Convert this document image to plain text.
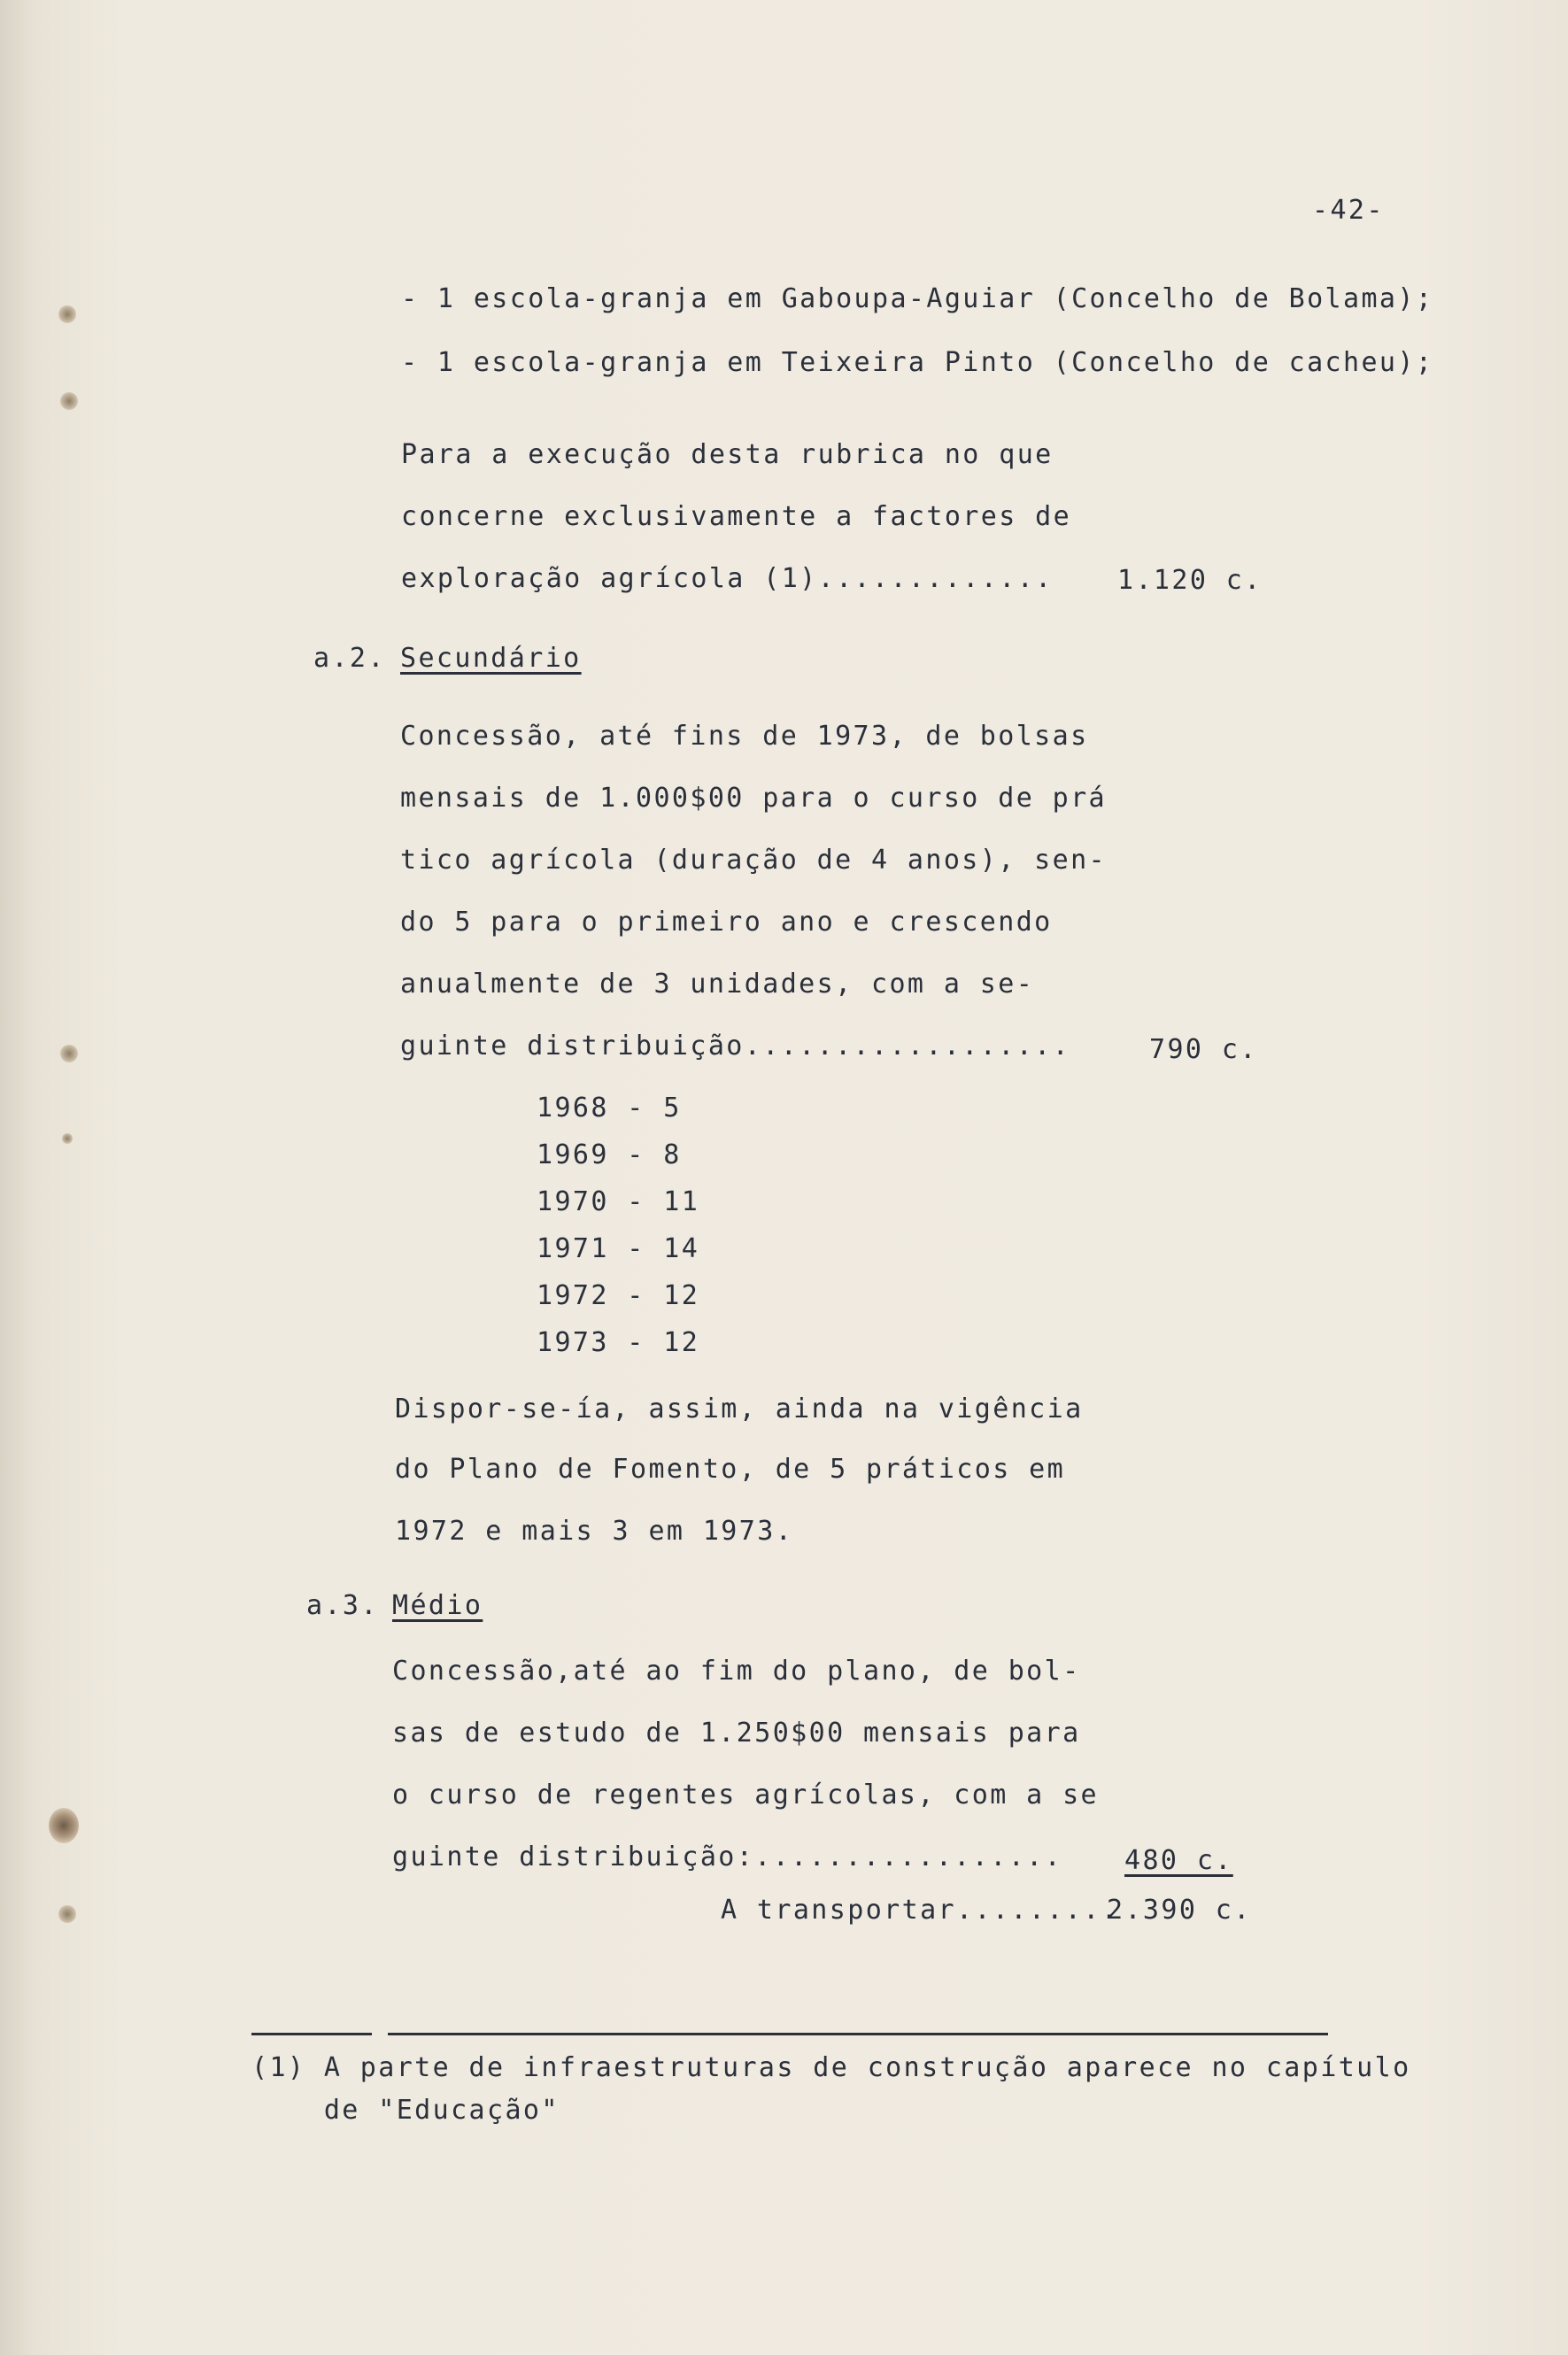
-42-
- 1 escola-granja em Gaboupa-Aguiar (Concelho de Bolama);
- 1 escola-granja em Teixeira Pinto (Concelho de cacheu);
Para a execução desta rubrica no que
concerne exclusivamente a factores de
exploração agrícola (1)............. 1.120 c.
a.2. Secundário
Concessão, até fins de 1973, de bolsas
mensais de 1.000$00 para o curso de prá
tico agrícola (duração de 4 anos), sen-
do 5 para o primeiro ano e crescendo
anualmente de 3 unidades, com a se-
guinte distribuição..................	790 c.
1968 - 5
1969 - 8
1970 - 11
1971 - 14
1972 - 12
1973 - 12
Dispor-se-ía, assim, ainda na vigência
do Plano de Fomento, de 5 práticos em
1972 e mais 3 em 1973.
a.3. Médio
Concessão,até ao fim do plano, de bol-
sas de estudo de 1.250$00 mensais para
o curso de regentes agrícolas, com a se
guinte distribuição:................. 480 c.
A transportar.........
2.390 c.
(1) A parte de infraestruturas de construção aparece no capítulo
de "Educação"
